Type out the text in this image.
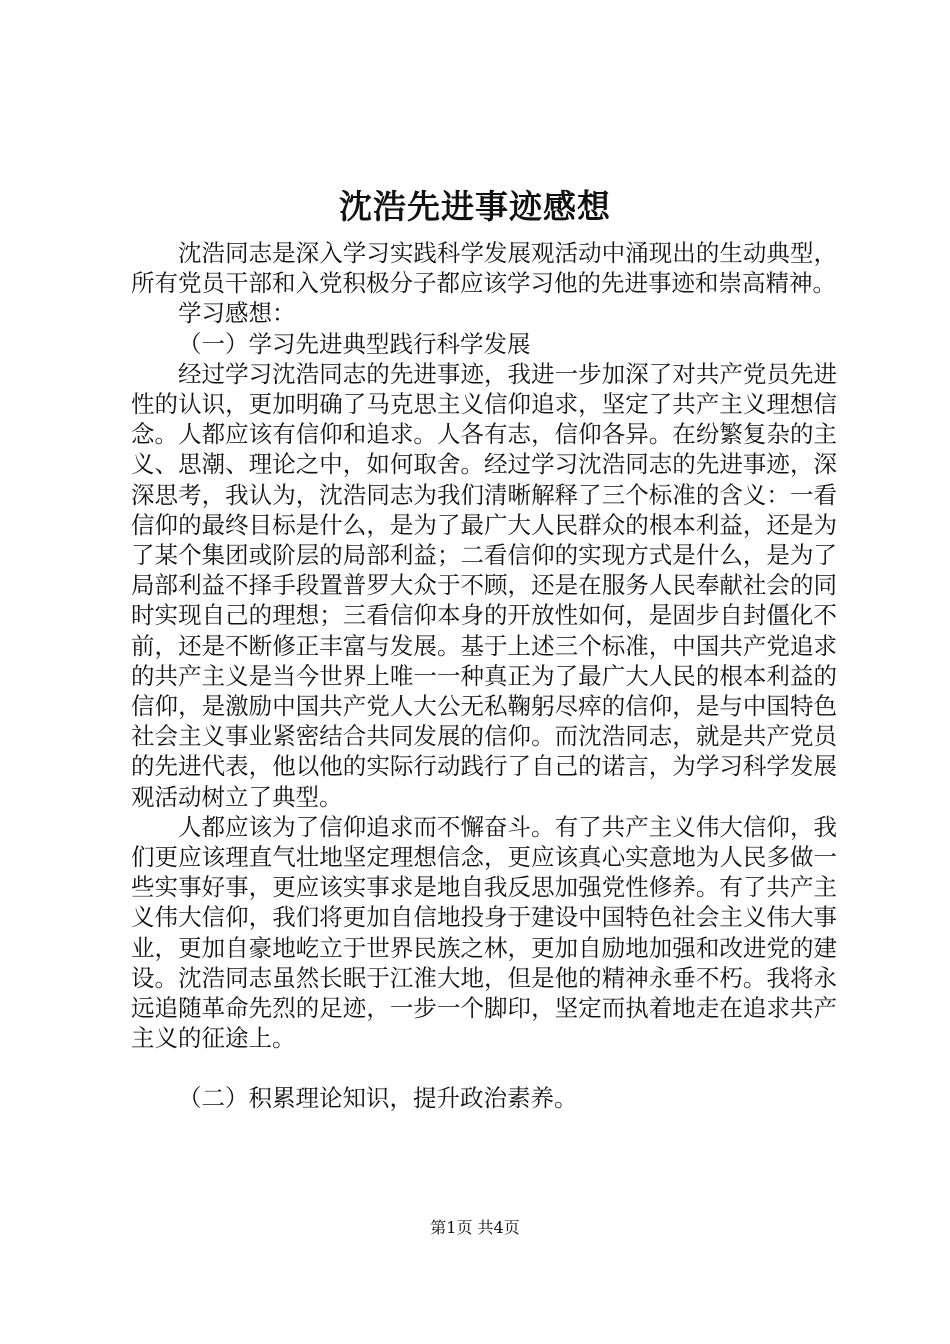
沈浩先进事迹感想

沈浩同志是深入学习实践科学发展观活动中涌现出的生动典型，所有党员干部和入党积极分子都应该学习他的先进事迹和崇高精神。

学习感想：

（一）学习先进典型践行科学发展

经过学习沈浩同志的先进事迹，我进一步加深了对共产党员先进性的认识，更加明确了马克思主义信仰追求，坚定了共产主义理想信念。人都应该有信仰和追求。人各有志，信仰各异。在纷繁复杂的主义、思潮、理论之中，如何取舍。经过学习沈浩同志的先进事迹，深深思考，我认为，沈浩同志为我们清晰解释了三个标准的含义：一看信仰的最终目标是什么，是为了最广大人民群众的根本利益，还是为了某个集团或阶层的局部利益；二看信仰的实现方式是什么，是为了局部利益不择手段置普罗大众于不顾，还是在服务人民奉献社会的同时实现自己的理想；三看信仰本身的开放性如何，是固步自封僵化不前，还是不断修正丰富与发展。基于上述三个标准，中国共产党追求的共产主义是当今世界上唯一一种真正为了最广大人民的根本利益的信仰，是激励中国共产党人大公无私鞠躬尽瘁的信仰，是与中国特色社会主义事业紧密结合共同发展的信仰。而沈浩同志，就是共产党员的先进代表，他以他的实际行动践行了自己的诺言，为学习科学发展观活动树立了典型。

人都应该为了信仰追求而不懈奋斗。有了共产主义伟大信仰，我们更应该理直气壮地坚定理想信念，更应该真心实意地为人民多做一些实事好事，更应该实事求是地自我反思加强党性修养。有了共产主义伟大信仰，我们将更加自信地投身于建设中国特色社会主义伟大事业，更加自豪地屹立于世界民族之林，更加自励地加强和改进党的建设。沈浩同志虽然长眠于江淮大地，但是他的精神永垂不朽。我将永远追随革命先烈的足迹，一步一个脚印，坚定而执着地走在追求共产主义的征途上。

（二）积累理论知识，提升政治素养。

第1页 共4页
